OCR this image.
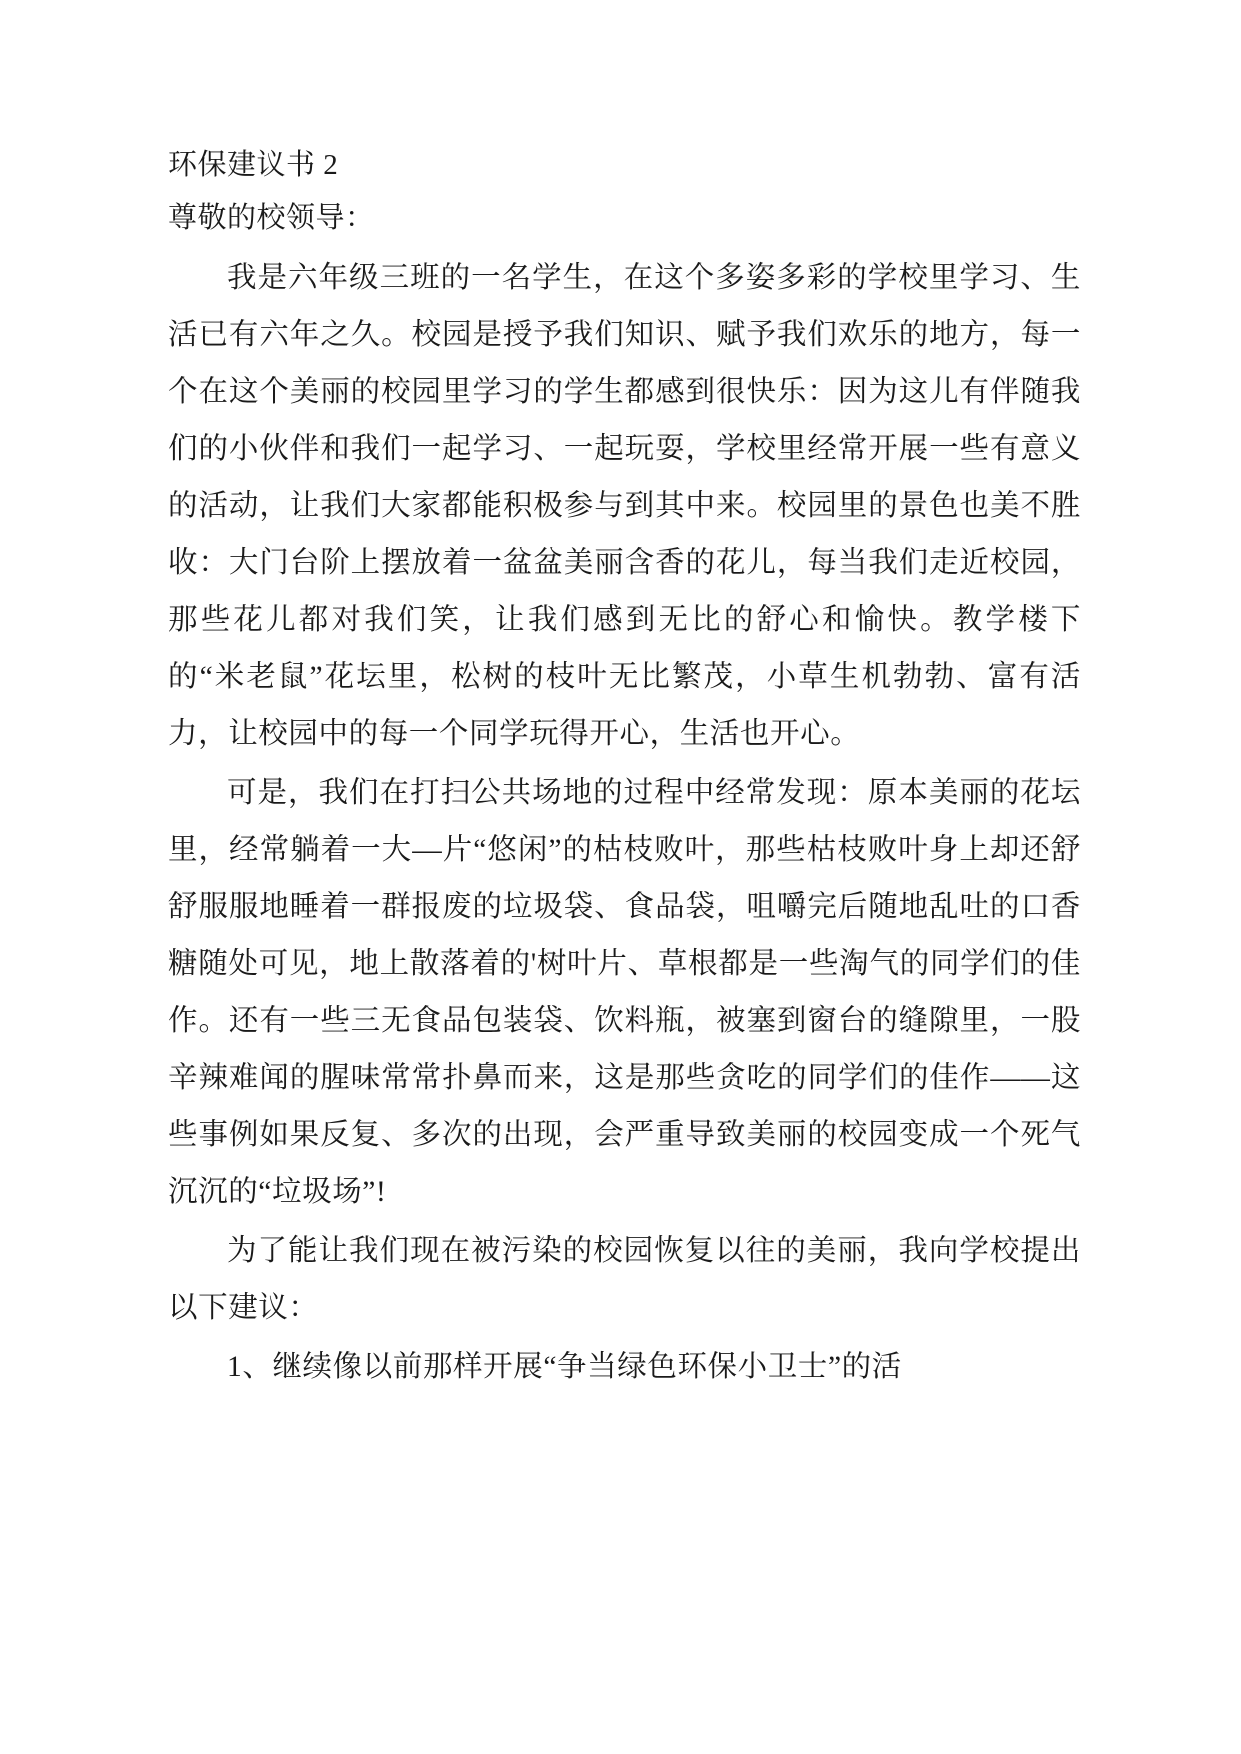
环保建议书 2
尊敬的校领导：

我是六年级三班的一名学生，在这个多姿多彩的学校里学习、生活已有六年之久。校园是授予我们知识、赋予我们欢乐的地方，每一个在这个美丽的校园里学习的学生都感到很快乐：因为这儿有伴随我们的小伙伴和我们一起学习、一起玩耍，学校里经常开展一些有意义的活动，让我们大家都能积极参与到其中来。校园里的景色也美不胜收：大门台阶上摆放着一盆盆美丽含香的花儿，每当我们走近校园，那些花儿都对我们笑，让我们感到无比的舒心和愉快。教学楼下的“米老鼠”花坛里，松树的枝叶无比繁茂，小草生机勃勃、富有活力，让校园中的每一个同学玩得开心，生活也开心。

可是，我们在打扫公共场地的过程中经常发现：原本美丽的花坛里，经常躺着一大—片“悠闲”的枯枝败叶，那些枯枝败叶身上却还舒舒服服地睡着一群报废的垃圾袋、食品袋，咀嚼完后随地乱吐的口香糖随处可见，地上散落着的'树叶片、草根都是一些淘气的同学们的佳作。还有一些三无食品包装袋、饮料瓶，被塞到窗台的缝隙里，一股辛辣难闻的腥味常常扑鼻而来，这是那些贪吃的同学们的佳作——这些事例如果反复、多次的出现，会严重导致美丽的校园变成一个死气沉沉的“垃圾场”!

为了能让我们现在被污染的校园恢复以往的美丽，我向学校提出以下建议：

1、继续像以前那样开展“争当绿色环保小卫士”的活
